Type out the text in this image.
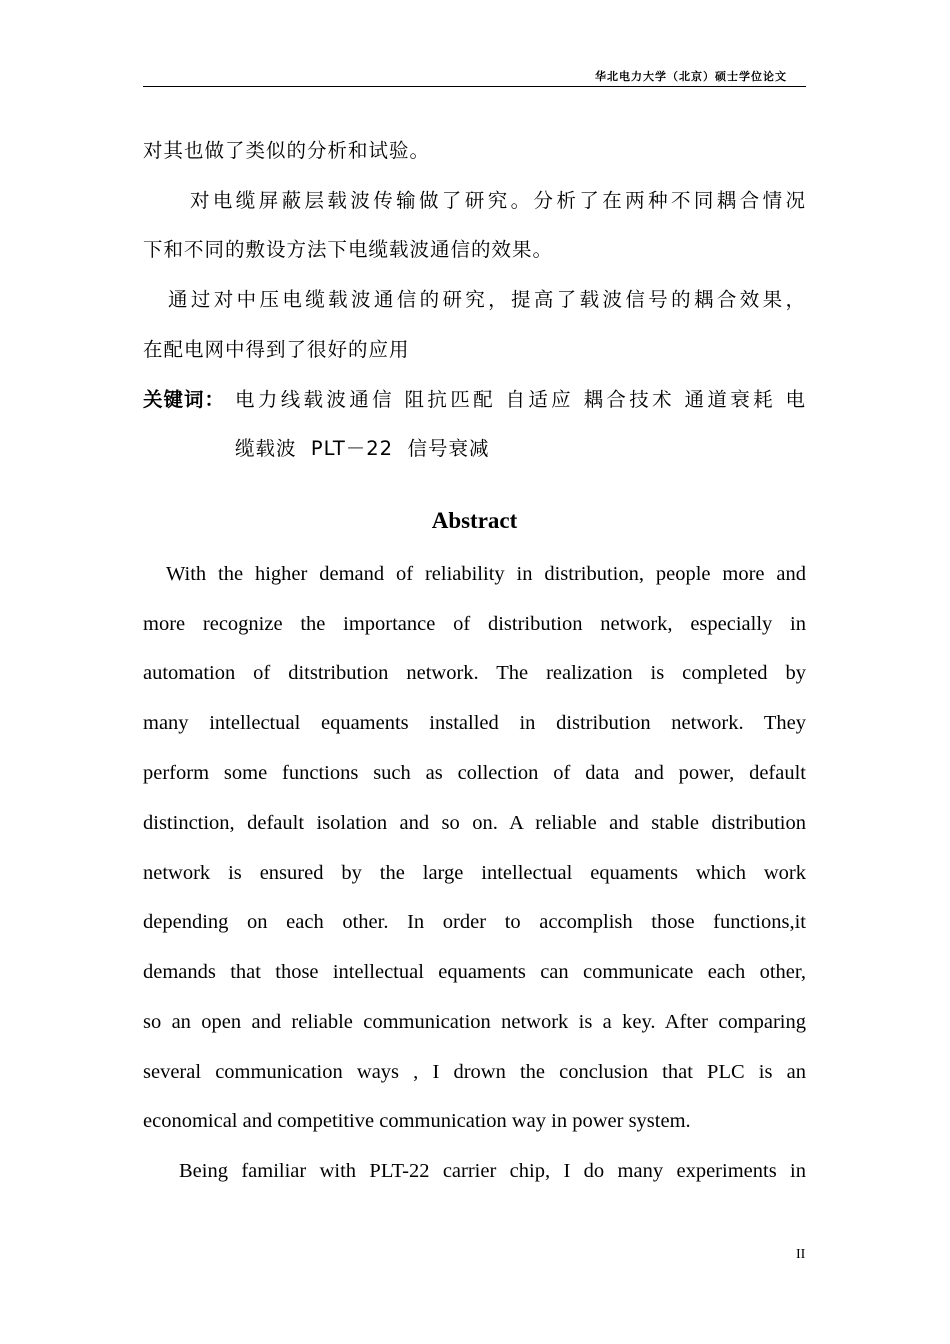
华北电力大学（北京）硕士学位论文
对其也做了类似的分析和试验。
对电缆屏蔽层载波传输做了研究。分析了在两种不同耦合情况
下和不同的敷设方法下电缆载波通信的效果。
通过对中压电缆载波通信的研究，提高了载波信号的耦合效果，
在配电网中得到了很好的应用
关键词： 电力线载波通信 阻抗匹配 自适应 耦合技术 通道衰耗 电
缆载波  PLT－22  信号衰减
Abstract
With the higher demand of reliability in distribution, people more and
more recognize the importance of distribution network, especially in
automation of ditstribution network. The realization is completed by
many intellectual equaments installed in distribution network. They
perform some functions such as collection of data and power, default
distinction, default isolation and so on. A reliable and stable distribution
network is ensured by the large intellectual equaments which work
depending on each other. In order to accomplish those functions,it
demands that those intellectual equaments can communicate each other,
so an open and reliable communication network is a key. After comparing
several communication ways , I drown the conclusion that PLC is an
economical and competitive communication way in power system.
Being familiar with PLT-22 carrier chip, I do many experiments in
II
